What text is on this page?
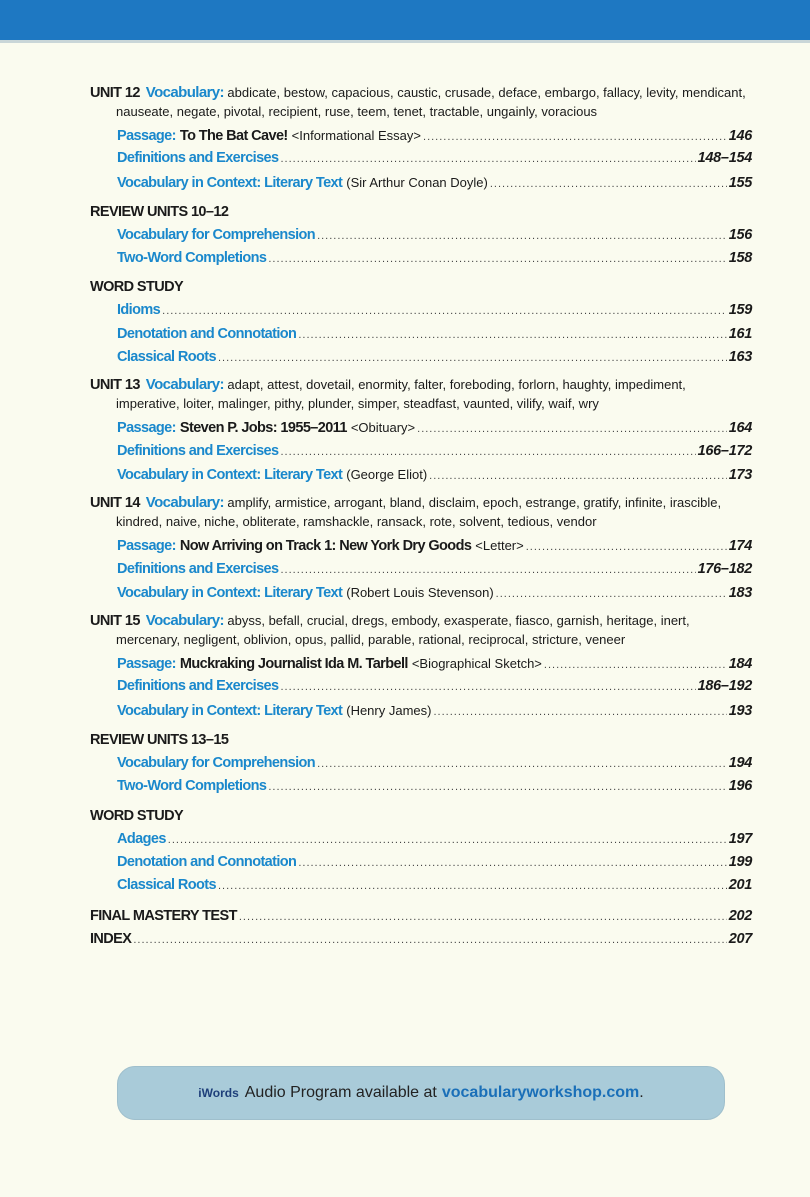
UNIT 12 Vocabulary: abdicate, bestow, capacious, caustic, crusade, deface, embargo, fallacy, levity, mendicant, nauseate, negate, pivotal, recipient, ruse, teem, tenet, tractable, ungainly, voracious
Passage: To The Bat Cave! <Informational Essay> .....	146
Definitions and Exercises .....	148–154
Vocabulary in Context: Literary Text (Sir Arthur Conan Doyle) .....	155
REVIEW UNITS 10–12
Vocabulary for Comprehension .....	156
Two-Word Completions .....	158
WORD STUDY
Idioms .....	159
Denotation and Connotation .....	161
Classical Roots .....	163
UNIT 13 Vocabulary: adapt, attest, dovetail, enormity, falter, foreboding, forlorn, haughty, impediment, imperative, loiter, malinger, pithy, plunder, simper, steadfast, vaunted, vilify, waif, wry
Passage: Steven P. Jobs: 1955–2011 <Obituary> .....	164
Definitions and Exercises .....	166–172
Vocabulary in Context: Literary Text (George Eliot) .....	173
UNIT 14 Vocabulary: amplify, armistice, arrogant, bland, disclaim, epoch, estrange, gratify, infinite, irascible, kindred, naive, niche, obliterate, ramshackle, ransack, rote, solvent, tedious, vendor
Passage: Now Arriving on Track 1: New York Dry Goods <Letter> .....	174
Definitions and Exercises .....	176–182
Vocabulary in Context: Literary Text (Robert Louis Stevenson) .....	183
UNIT 15 Vocabulary: abyss, befall, crucial, dregs, embody, exasperate, fiasco, garnish, heritage, inert, mercenary, negligent, oblivion, opus, pallid, parable, rational, reciprocal, stricture, veneer
Passage: Muckraking Journalist Ida M. Tarbell <Biographical Sketch> .....	184
Definitions and Exercises .....	186–192
Vocabulary in Context: Literary Text (Henry James) .....	193
REVIEW UNITS 13–15
Vocabulary for Comprehension .....	194
Two-Word Completions .....	196
WORD STUDY
Adages .....	197
Denotation and Connotation .....	199
Classical Roots .....	201
FINAL MASTERY TEST .....	202
INDEX .....	207
iWords Audio Program available at vocabularyworkshop.com .
